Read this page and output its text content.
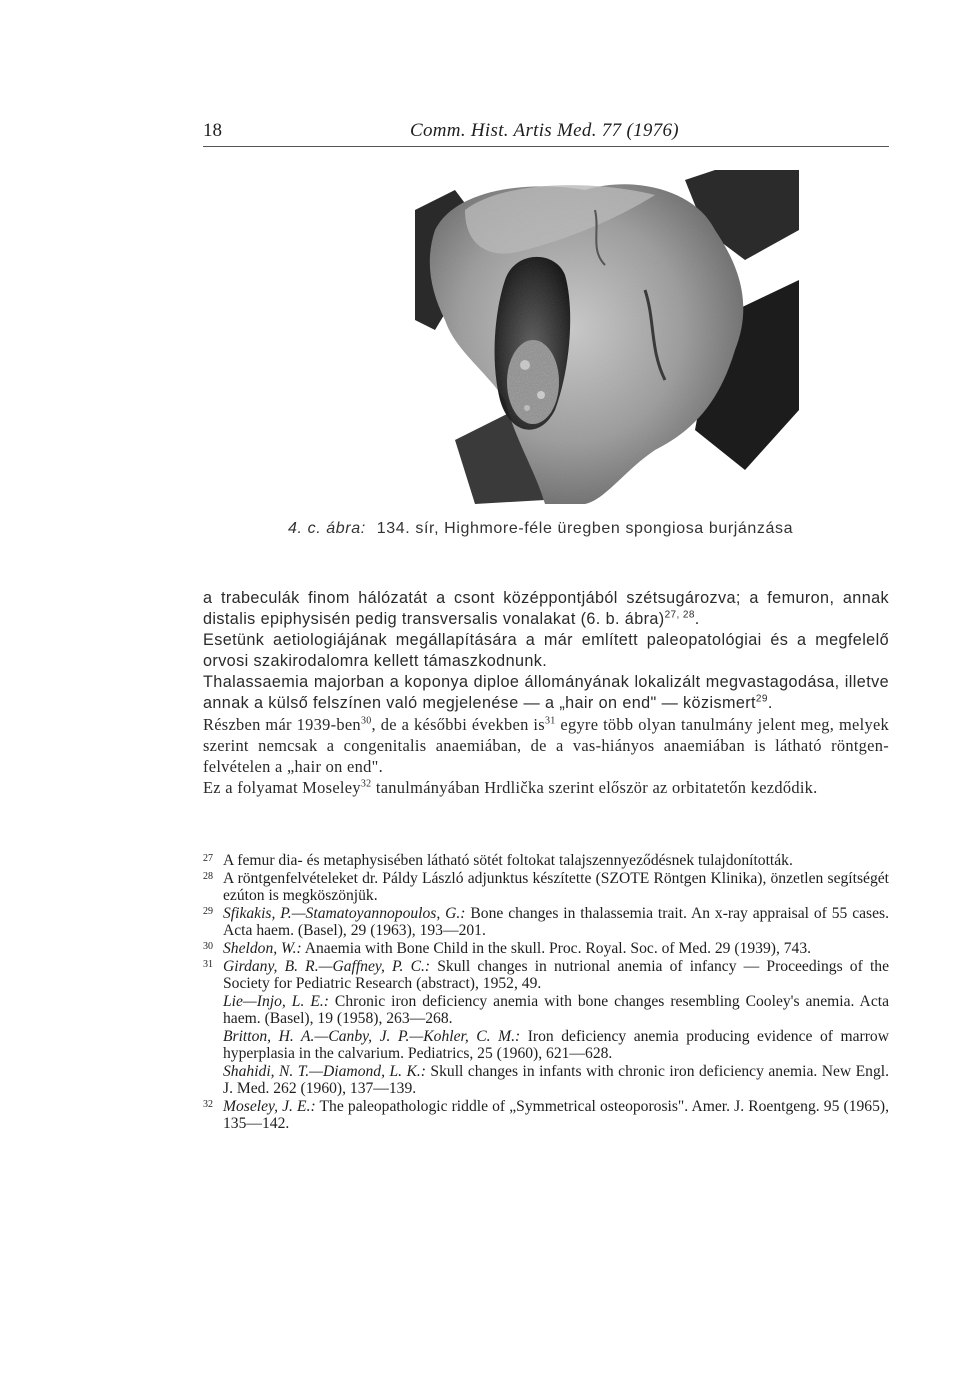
18	Comm. Hist. Artis Med. 77 (1976)
4. c. ábra: 134. sír, Highmore-féle üregben spongiosa burjánzása

a trabeculák finom hálózatát a csont középpontjából szétsugározva; a femuron, annak distalis epiphysisén pedig transversalis vonalakat (6. b. ábra)$^{27, 28}$.

Esetünk aetiologiájának megállapítására a már említett paleopatológiai és a megfelelő orvosi szakirodalomra kellett támaszkodnunk.

Thalassaemia majorban a koponya diploe állományának lokalizált megvastagodása, illetve annak a külső felszínen való megjelenése — a „hair on end" — közismert$^{29}$.

Részben már 1939-ben$^{30}$, de a későbbi években $is^{31}$ egyre több olyan tanulmány jelent meg, melyek szerint nemcsak a congenitalis anaemiában, de a vas-hiányos anaemiában is látható röntgen-felvételen a „hair on end".

Ez a folyamat Moseley$^{32}$ tanulmányában Hrdlička szerint először az orbitatetőn kezdődik.

27 A femur dia- és metaphysisében látható sötét foltokat talajszennyeződésnek tulajdonították.
28 A röntgenfelvételeket dr. Páldy László adjunktus készítette (SZOTE Röntgen Klinika), önzetlen segítségét ezúton is megköszönjük.
29 Sfikakis, P.—Stamatoyannopoulos, G.: Bone changes in thalassemia trait. An x-ray appraisal of 55 cases. Acta haem. (Basel), 29 (1963), 193—201.
30 Sheldon, W.: Anaemia with Bone Child in the skull. Proc. Royal. Soc. of Med. 29 (1939), 743.
31 Girdany, B. R.—Gaffney, P. C.: Skull changes in nutrional anemia of infancy — Proceedings of the Society for Pediatric Research (abstract), 1952, 49.
Lie—Injo, L. E.: Chronic iron deficiency anemia with bone changes resembling Cooley's anemia. Acta haem. (Basel), 19 (1958), 263—268.
Britton, H. A.—Canby, J. P.—Kohler, C. M.: Iron deficiency anemia producing evidence of marrow hyperplasia in the calvarium. Pediatrics, 25 (1960), 621—628.
Shahidi, N. T.—Diamond, L. K.: Skull changes in infants with chronic iron deficiency anemia. New Engl. J. Med. 262 (1960), 137—139.
32 Moseley, J. E.: The paleopathologic riddle of „Symmetrical osteoporosis". Amer. J. Roentgeng. 95 (1965), 135—142.
